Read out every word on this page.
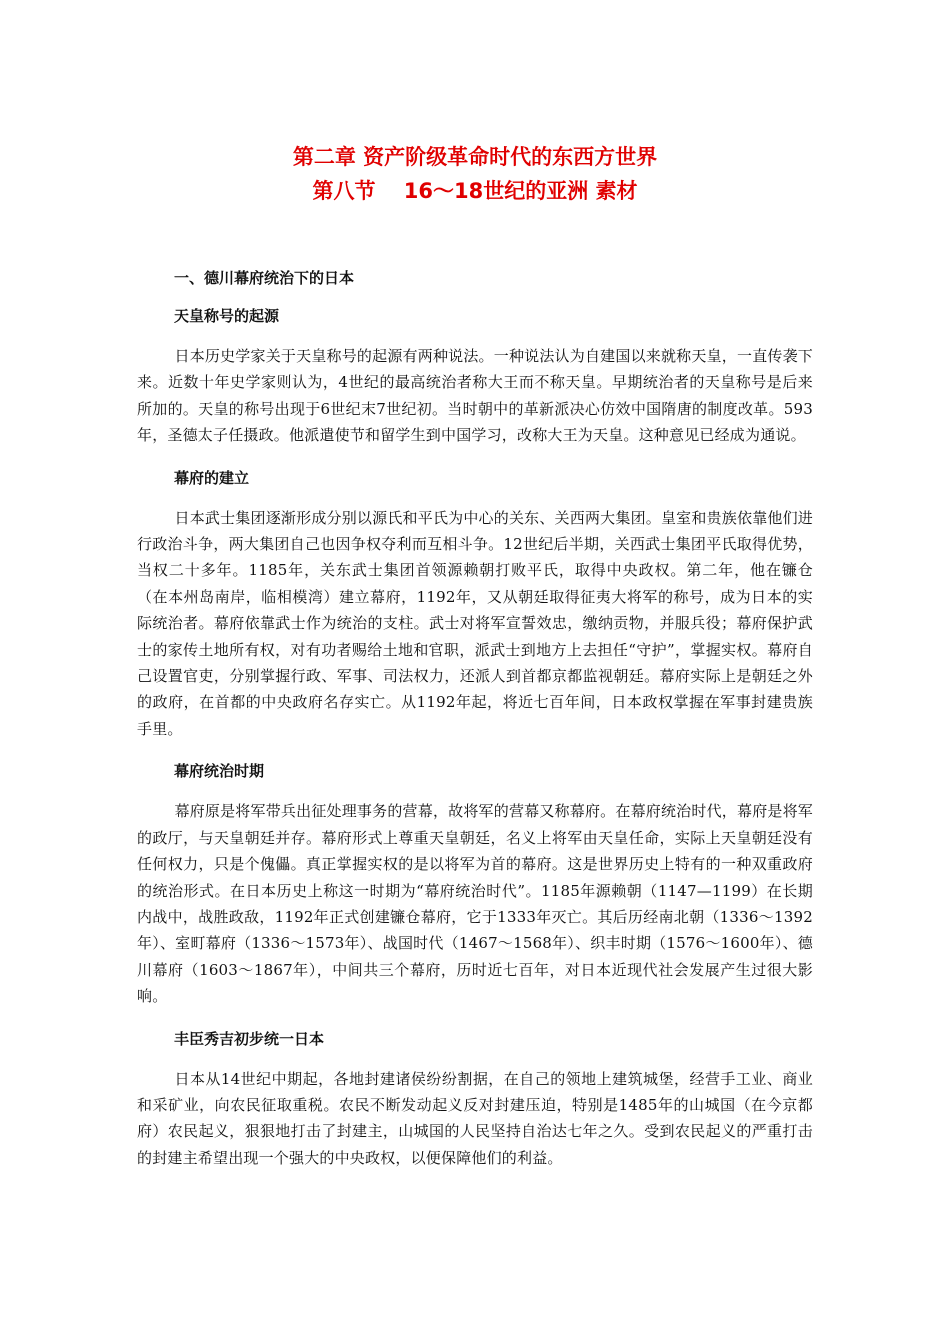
第二章 资产阶级革命时代的东西方世界
第八节　 16～18世纪的亚洲 素材
一、德川幕府统治下的日本
天皇称号的起源
日本历史学家关于天皇称号的起源有两种说法。一种说法认为自建国以来就称天皇，一直传袭下来。近数十年史学家则认为，4世纪的最高统治者称大王而不称天皇。早期统治者的天皇称号是后来所加的。天皇的称号出现于6世纪末7世纪初。当时朝中的革新派决心仿效中国隋唐的制度改革。593年，圣德太子任摄政。他派遣使节和留学生到中国学习，改称大王为天皇。这种意见已经成为通说。
幕府的建立
日本武士集团逐渐形成分别以源氏和平氏为中心的关东、关西两大集团。皇室和贵族依靠他们进行政治斗争，两大集团自己也因争权夺利而互相斗争。12世纪后半期，关西武士集团平氏取得优势，当权二十多年。1185年，关东武士集团首领源赖朝打败平氏，取得中央政权。第二年，他在镰仓（在本州岛南岸，临相模湾）建立幕府，1192年，又从朝廷取得征夷大将军的称号，成为日本的实际统治者。幕府依靠武士作为统治的支柱。武士对将军宣誓效忠，缴纳贡物，并服兵役；幕府保护武士的家传土地所有权，对有功者赐给土地和官职，派武士到地方上去担任“守护”，掌握实权。幕府自己设置官吏，分别掌握行政、军事、司法权力，还派人到首都京都监视朝廷。幕府实际上是朝廷之外的政府，在首都的中央政府名存实亡。从1192年起，将近七百年间，日本政权掌握在军事封建贵族手里。
幕府统治时期
幕府原是将军带兵出征处理事务的营幕，故将军的营幕又称幕府。在幕府统治时代，幕府是将军的政厅，与天皇朝廷并存。幕府形式上尊重天皇朝廷，名义上将军由天皇任命，实际上天皇朝廷没有任何权力，只是个傀儡。真正掌握实权的是以将军为首的幕府。这是世界历史上特有的一种双重政府的统治形式。在日本历史上称这一时期为“幕府统治时代”。1185年源赖朝（1147—1199）在长期内战中，战胜政敌，1192年正式创建镰仓幕府，它于1333年灭亡。其后历经南北朝（1336～1392年）、室町幕府（1336～1573年）、战国时代（1467～1568年）、织丰时期（1576～1600年）、德川幕府（1603～1867年），中间共三个幕府，历时近七百年，对日本近现代社会发展产生过很大影响。
丰臣秀吉初步统一日本
日本从14世纪中期起，各地封建诸侯纷纷割据，在自己的领地上建筑城堡，经营手工业、商业和采矿业，向农民征取重税。农民不断发动起义反对封建压迫，特别是1485年的山城国（在今京都府）农民起义，狠狠地打击了封建主，山城国的人民坚持自治达七年之久。受到农民起义的严重打击的封建主希望出现一个强大的中央政权，以便保障他们的利益。
